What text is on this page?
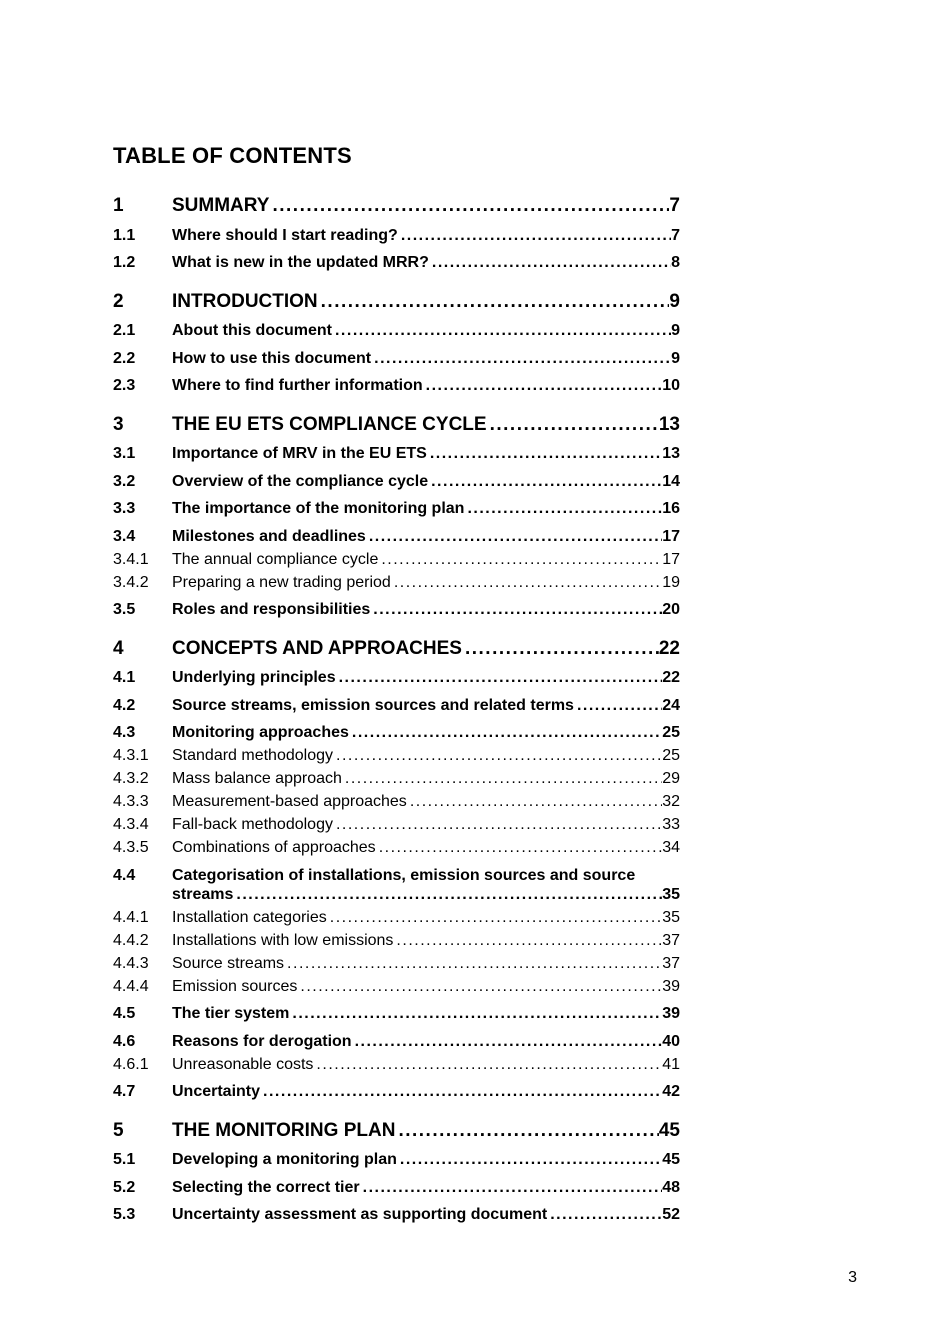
TABLE OF CONTENTS
1	SUMMARY .....	7
1.1	Where should I start reading? .....	7
1.2	What is new in the updated MRR? .....	8
2	INTRODUCTION .....	9
2.1	About this document .....	9
2.2	How to use this document .....	9
2.3	Where to find further information .....	10
3	THE EU ETS COMPLIANCE CYCLE .....	13
3.1	Importance of MRV in the EU ETS .....	13
3.2	Overview of the compliance cycle .....	14
3.3	The importance of the monitoring plan .....	16
3.4	Milestones and deadlines .....	17
3.4.1	The annual compliance cycle .....	17
3.4.2	Preparing a new trading period .....	19
3.5	Roles and responsibilities .....	20
4	CONCEPTS AND APPROACHES .....	22
4.1	Underlying principles .....	22
4.2	Source streams, emission sources and related terms .....	24
4.3	Monitoring approaches .....	25
4.3.1	Standard methodology .....	25
4.3.2	Mass balance approach .....	29
4.3.3	Measurement-based approaches .....	32
4.3.4	Fall-back methodology .....	33
4.3.5	Combinations of approaches .....	34
4.4	Categorisation of installations, emission sources and source
streams .....	35
4.4.1	Installation categories .....	35
4.4.2	Installations with low emissions .....	37
4.4.3	Source streams .....	37
4.4.4	Emission sources .....	39
4.5	The tier system .....	39
4.6	Reasons for derogation .....	40
4.6.1	Unreasonable costs .....	41
4.7	Uncertainty .....	42
5	THE MONITORING PLAN .....	45
5.1	Developing a monitoring plan .....	45
5.2	Selecting the correct tier .....	48
5.3	Uncertainty assessment as supporting document .....	52
3
